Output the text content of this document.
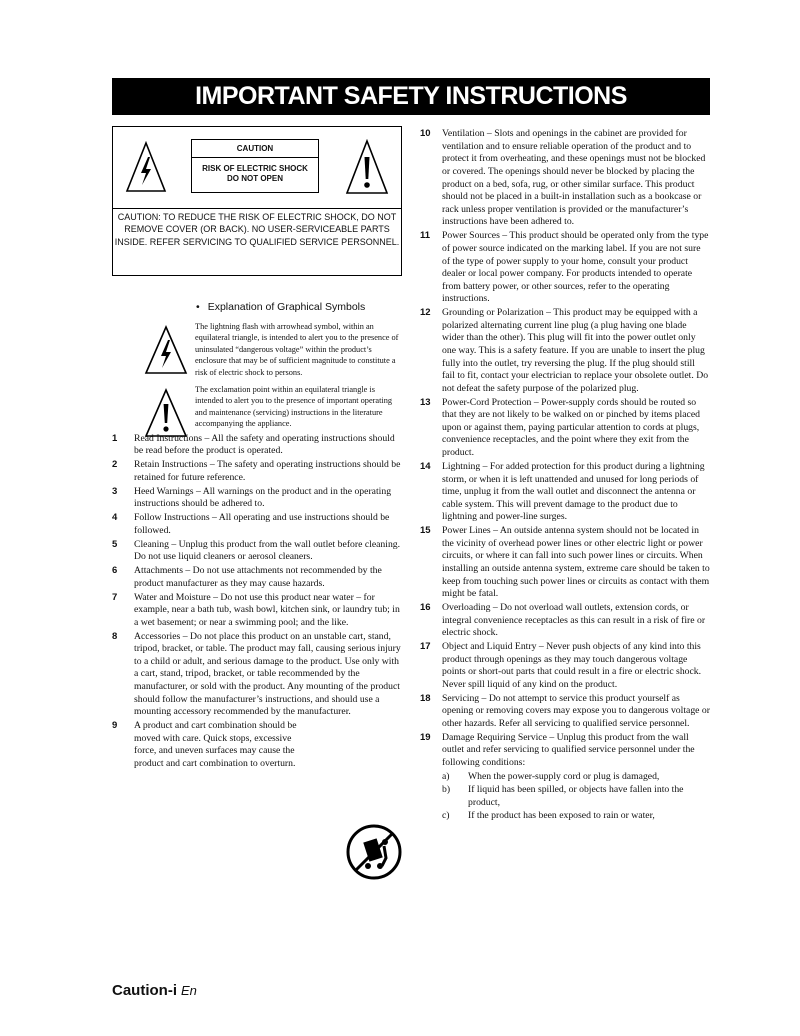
IMPORTANT SAFETY INSTRUCTIONS
CAUTION
RISK OF ELECTRIC SHOCK
DO NOT OPEN
CAUTION: TO REDUCE THE RISK OF ELECTRIC SHOCK, DO NOT REMOVE COVER (OR BACK). NO USER-SERVICEABLE PARTS INSIDE. REFER SERVICING TO QUALIFIED SERVICE PERSONNEL.
• Explanation of Graphical Symbols
The lightning flash with arrowhead symbol, within an equilateral triangle, is intended to alert you to the presence of uninsulated “dangerous voltage” within the product’s enclosure that may be of sufficient magnitude to constitute a risk of electric shock to persons.
The exclamation point within an equilateral triangle is intended to alert you to the presence of important operating and maintenance (servicing) instructions in the literature accompanying the appliance.
1 Read Instructions – All the safety and operating instructions should be read before the product is operated.
2 Retain Instructions – The safety and operating instructions should be retained for future reference.
3 Heed Warnings – All warnings on the product and in the operating instructions should be adhered to.
4 Follow Instructions – All operating and use instructions should be followed.
5 Cleaning – Unplug this product from the wall outlet before cleaning. Do not use liquid cleaners or aerosol cleaners.
6 Attachments – Do not use attachments not recommended by the product manufacturer as they may cause hazards.
7 Water and Moisture – Do not use this product near water – for example, near a bath tub, wash bowl, kitchen sink, or laundry tub; in a wet basement; or near a swimming pool; and the like.
8 Accessories – Do not place this product on an unstable cart, stand, tripod, bracket, or table. The product may fall, causing serious injury to a child or adult, and serious damage to the product. Use only with a cart, stand, tripod, bracket, or table recommended by the manufacturer, or sold with the product. Any mounting of the product should follow the manufacturer’s instructions, and should use a mounting accessory recommended by the manufacturer.
9 A product and cart combination should be moved with care. Quick stops, excessive force, and uneven surfaces may cause the product and cart combination to overturn.
10 Ventilation – Slots and openings in the cabinet are provided for ventilation and to ensure reliable operation of the product and to protect it from overheating, and these openings must not be blocked or covered. The openings should never be blocked by placing the product on a bed, sofa, rug, or other similar surface. This product should not be placed in a built-in installation such as a bookcase or rack unless proper ventilation is provided or the manufacturer’s instructions have been adhered to.
11 Power Sources – This product should be operated only from the type of power source indicated on the marking label. If you are not sure of the type of power supply to your home, consult your product dealer or local power company. For products intended to operate from battery power, or other sources, refer to the operating instructions.
12 Grounding or Polarization – This product may be equipped with a polarized alternating current line plug (a plug having one blade wider than the other). This plug will fit into the power outlet only one way. This is a safety feature. If you are unable to insert the plug fully into the outlet, try reversing the plug. If the plug should still fail to fit, contact your electrician to replace your obsolete outlet. Do not defeat the safety purpose of the polarized plug.
13 Power-Cord Protection – Power-supply cords should be routed so that they are not likely to be walked on or pinched by items placed upon or against them, paying particular attention to cords at plugs, convenience receptacles, and the point where they exit from the product.
14 Lightning – For added protection for this product during a lightning storm, or when it is left unattended and unused for long periods of time, unplug it from the wall outlet and disconnect the antenna or cable system. This will prevent damage to the product due to lightning and power-line surges.
15 Power Lines – An outside antenna system should not be located in the vicinity of overhead power lines or other electric light or power circuits, or where it can fall into such power lines or circuits. When installing an outside antenna system, extreme care should be taken to keep from touching such power lines or circuits as contact with them might be fatal.
16 Overloading – Do not overload wall outlets, extension cords, or integral convenience receptacles as this can result in a risk of fire or electric shock.
17 Object and Liquid Entry – Never push objects of any kind into this product through openings as they may touch dangerous voltage points or short-out parts that could result in a fire or electric shock. Never spill liquid of any kind on the product.
18 Servicing – Do not attempt to service this product yourself as opening or removing covers may expose you to dangerous voltage or other hazards. Refer all servicing to qualified service personnel.
19 Damage Requiring Service – Unplug this product from the wall outlet and refer servicing to qualified service personnel under the following conditions:
a) When the power-supply cord or plug is damaged,
b) If liquid has been spilled, or objects have fallen into the product,
c) If the product has been exposed to rain or water,
Caution-i En
